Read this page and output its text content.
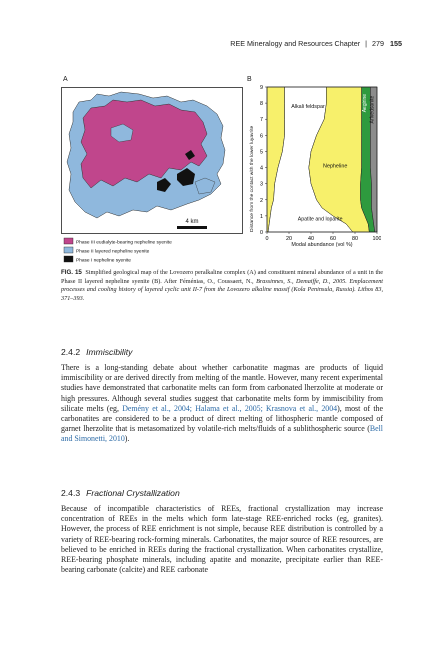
REE Mineralogy and Resources Chapter | 279 155
A	B
4 km
Phase III eudialyte-bearing nepheline syenite
Phase II layered nepheline syenite
Phase I nepheline syenite
Apatite and loparite
Nepheline
Alkali feldspar	Aegirine Arfvedsonite
0
1
2
3
4
5
6
7
8
9
0	20	40	60	80	100
Modal abundance (vol %)
Distance from the contact with the lower luyavrite
FIG. 15 Simplified geological map of the Lovozero peralkaline complex (A) and constituent mineral abundance of a unit in the Phase II layered nepheline syenite (B). After Féménias, O., Coussaert, N., Brassinnes, S., Demaiffe, D., 2005. Emplacement processes and cooling history of layered cyclic unit II-7 from the Lovozero alkaline massif (Kola Peninsula, Russia). Lithos 83, 371–393.
2.4.2 Immiscibility
There is a long-standing debate about whether carbonatite magmas are products of liquid immiscibility or are derived directly from melting of the mantle. However, many recent experimental studies have demonstrated that carbonatite melts can form from carbonated lherzolite at moderate or high pressures. Although several studies suggest that carbonatite melts form by immiscibility from silicate melts (eg, Demény et al., 2004; Halama et al., 2005; Krasnova et al., 2004), most of the carbonatites are considered to be a product of direct melting of lithospheric mantle composed of garnet lherzolite that is metasomatized by volatile-rich melts/fluids of a sublithospheric source (Bell and Simonetti, 2010).
2.4.3 Fractional Crystallization
Because of incompatible characteristics of REEs, fractional crystallization may increase concentration of REEs in the melts which form late-stage REE-enriched rocks (eg, granites). However, the process of REE enrichment is not simple, because REE distribution is controlled by a variety of REE-bearing rock-forming minerals. Carbonatites, the major source of REE resources, are believed to be enriched in REEs during the fractional crystallization. When carbonatites crystallize, REE-bearing phosphate minerals, including apatite and monazite, precipitate earlier than REE-bearing carbonate (calcite) and REE carbonate
